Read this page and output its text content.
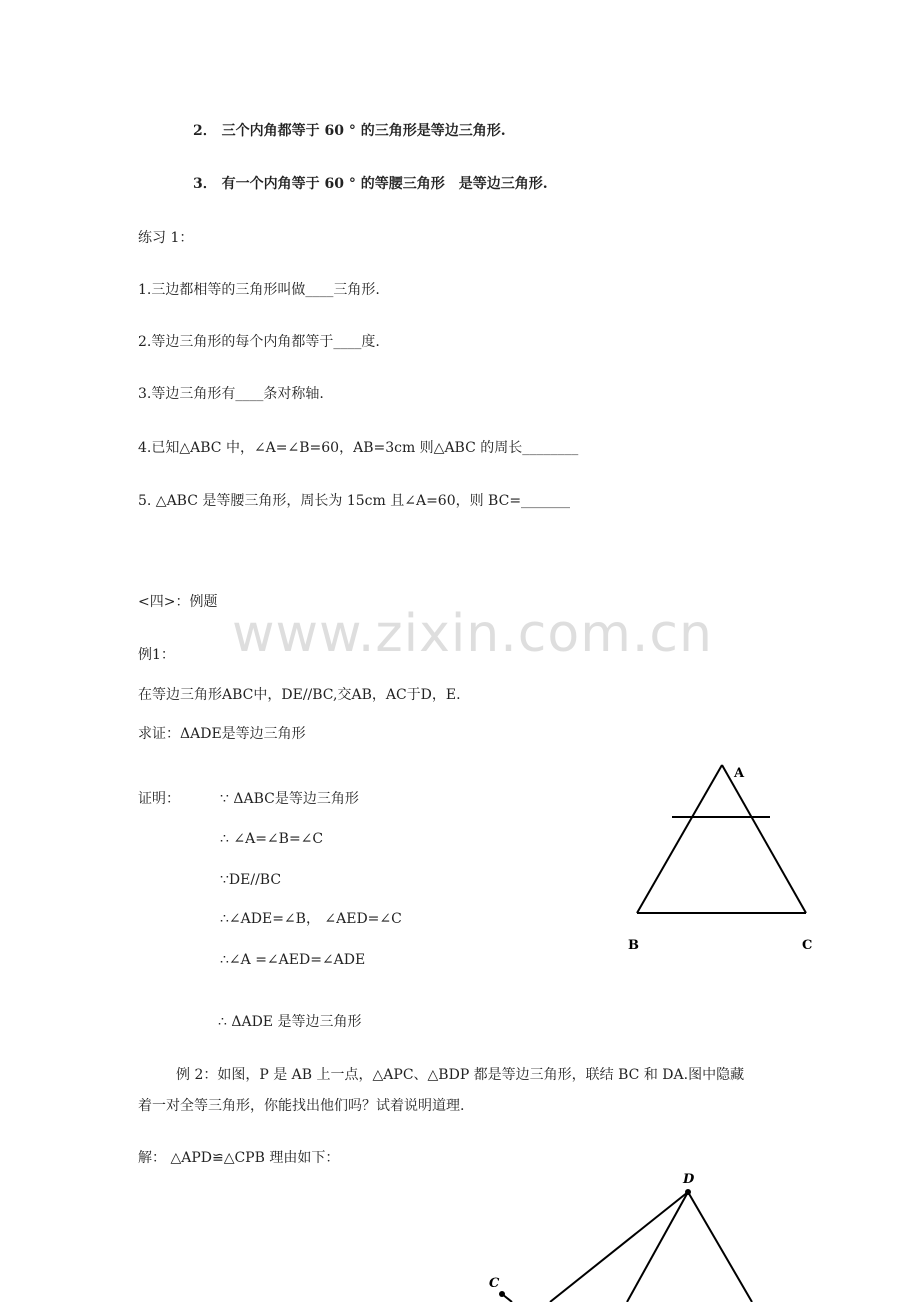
2． 三个内角都等于 60 ° 的三角形是等边三角形.
3． 有一个内角等于 60 ° 的等腰三角形　是等边三角形.
练习 1：
1.三边都相等的三角形叫做____三角形.
2.等边三角形的每个内角都等于____度.
3.等边三角形有____条对称轴.
4.已知△ABC 中，∠A=∠B=60，AB=3cm 则△ABC 的周长________
5. △ABC 是等腰三角形，周长为 15cm 且∠A=60，则 BC=_______
<四>：例题
www.zixin.com.cn
例1：
在等边三角形ABC中，DE//BC,交AB，AC于D，E.
求证：ΔADE是等边三角形
证明：	∵ ΔABC是等边三角形
∴ ∠A=∠B=∠C
∵DE//BC
∴∠ADE=∠B， ∠AED=∠C
∴∠A =∠AED=∠ADE
∴ ΔADE 是等边三角形
A
B	C
例 2：如图，P 是 AB 上一点，△APC、△BDP 都是等边三角形，联结 BC 和 DA.图中隐藏
着一对全等三角形，你能找出他们吗？试着说明道理.
解： △APD≌△CPB 理由如下：
D
C
